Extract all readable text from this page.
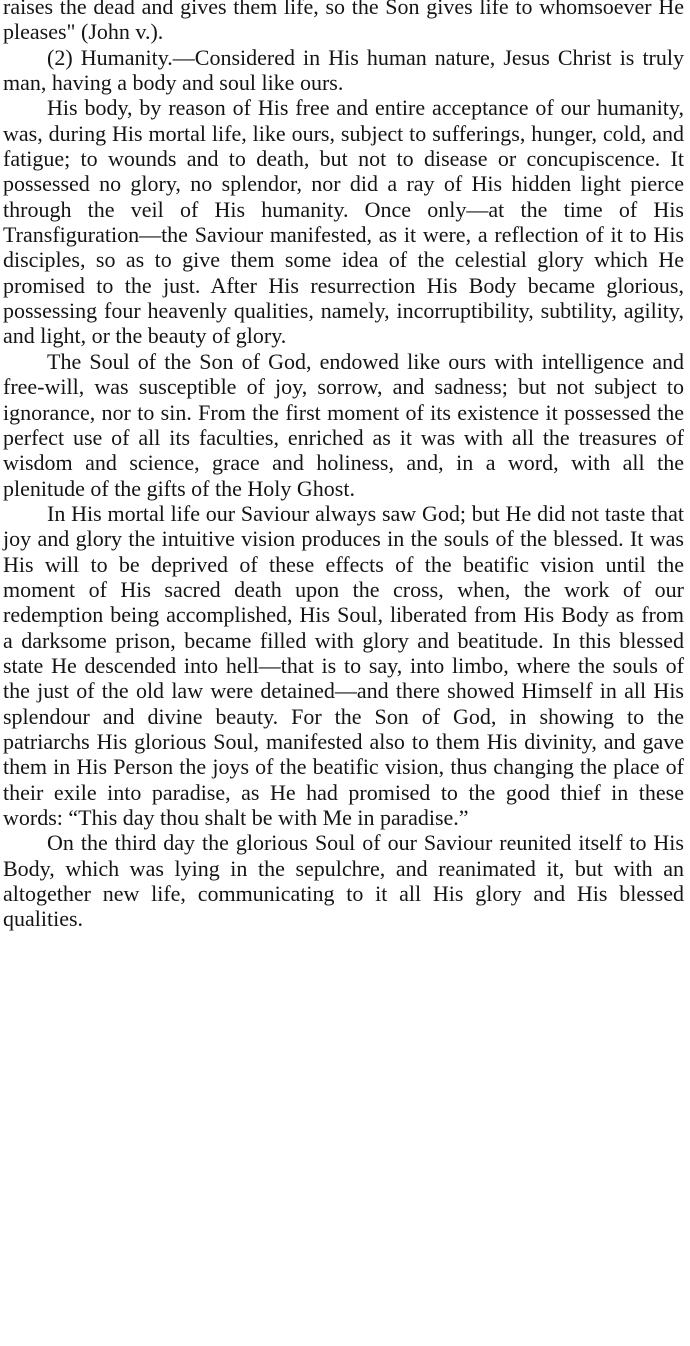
raises the dead and gives them life, so the Son gives life to whomsoever He pleases" (John v.).

(2) Humanity.—Considered in His human nature, Jesus Christ is truly man, having a body and soul like ours.

His body, by reason of His free and entire acceptance of our humanity, was, during His mortal life, like ours, subject to sufferings, hunger, cold, and fatigue; to wounds and to death, but not to disease or concupiscence. It possessed no glory, no splendor, nor did a ray of His hidden light pierce through the veil of His humanity. Once only—at the time of His Transfiguration—the Saviour manifested, as it were, a reflection of it to His disciples, so as to give them some idea of the celestial glory which He promised to the just. After His resurrection His Body became glorious, possessing four heavenly qualities, namely, incorruptibility, subtility, agility, and light, or the beauty of glory.

The Soul of the Son of God, endowed like ours with intelligence and free-will, was susceptible of joy, sorrow, and sadness; but not subject to ignorance, nor to sin. From the first moment of its existence it possessed the perfect use of all its faculties, enriched as it was with all the treasures of wisdom and science, grace and holiness, and, in a word, with all the plenitude of the gifts of the Holy Ghost.

In His mortal life our Saviour always saw God; but He did not taste that joy and glory the intuitive vision produces in the souls of the blessed. It was His will to be deprived of these effects of the beatific vision until the moment of His sacred death upon the cross, when, the work of our redemption being accomplished, His Soul, liberated from His Body as from a darksome prison, became filled with glory and beatitude. In this blessed state He descended into hell—that is to say, into limbo, where the souls of the just of the old law were detained—and there showed Himself in all His splendour and divine beauty. For the Son of God, in showing to the patriarchs His glorious Soul, manifested also to them His divinity, and gave them in His Person the joys of the beatific vision, thus changing the place of their exile into paradise, as He had promised to the good thief in these words: “This day thou shalt be with Me in paradise.”

On the third day the glorious Soul of our Saviour reunited itself to His Body, which was lying in the sepulchre, and reanimated it, but with an altogether new life, communicating to it all His glory and His blessed qualities.
